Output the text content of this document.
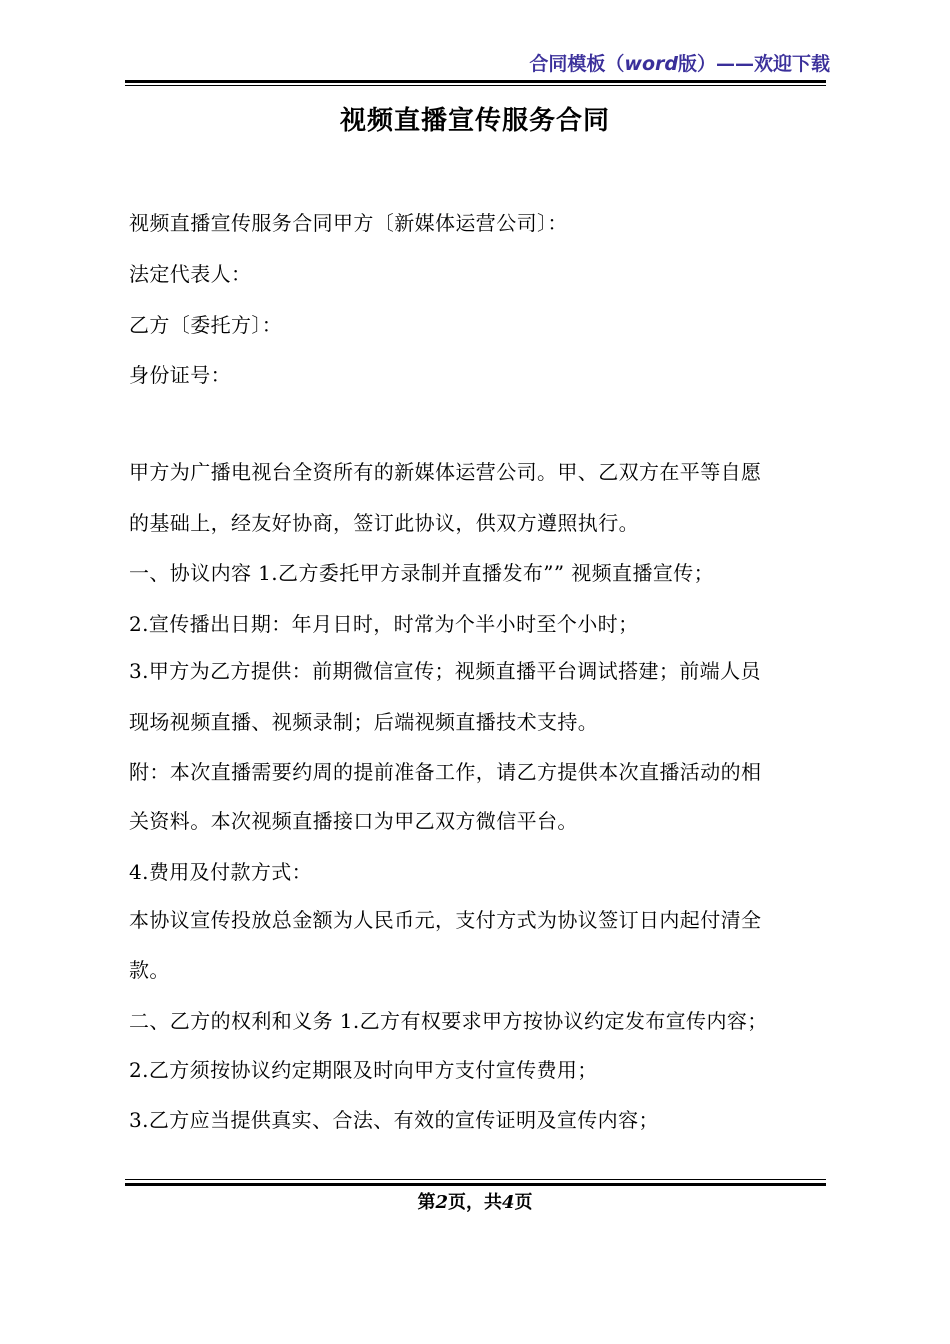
合同模板（word版）——欢迎下载
视频直播宣传服务合同
视频直播宣传服务合同甲方〔新媒体运营公司〕：
法定代表人：
乙方〔委托方〕：
身份证号：
甲方为广播电视台全资所有的新媒体运营公司。甲、乙双方在平等自愿
的基础上，经友好协商，签订此协议，供双方遵照执行。
一、协议内容 1.乙方委托甲方录制并直播发布”” 视频直播宣传；
2.宣传播出日期：年月日时，时常为个半小时至个小时；
3.甲方为乙方提供：前期微信宣传；视频直播平台调试搭建；前端人员
现场视频直播、视频录制；后端视频直播技术支持。
附：本次直播需要约周的提前准备工作，请乙方提供本次直播活动的相
关资料。本次视频直播接口为甲乙双方微信平台。
4.费用及付款方式：
本协议宣传投放总金额为人民币元，支付方式为协议签订日内起付清全
款。
二、乙方的权利和义务 1.乙方有权要求甲方按协议约定发布宣传内容；
2.乙方须按协议约定期限及时向甲方支付宣传费用；
3.乙方应当提供真实、合法、有效的宣传证明及宣传内容；
第2页，共4页
